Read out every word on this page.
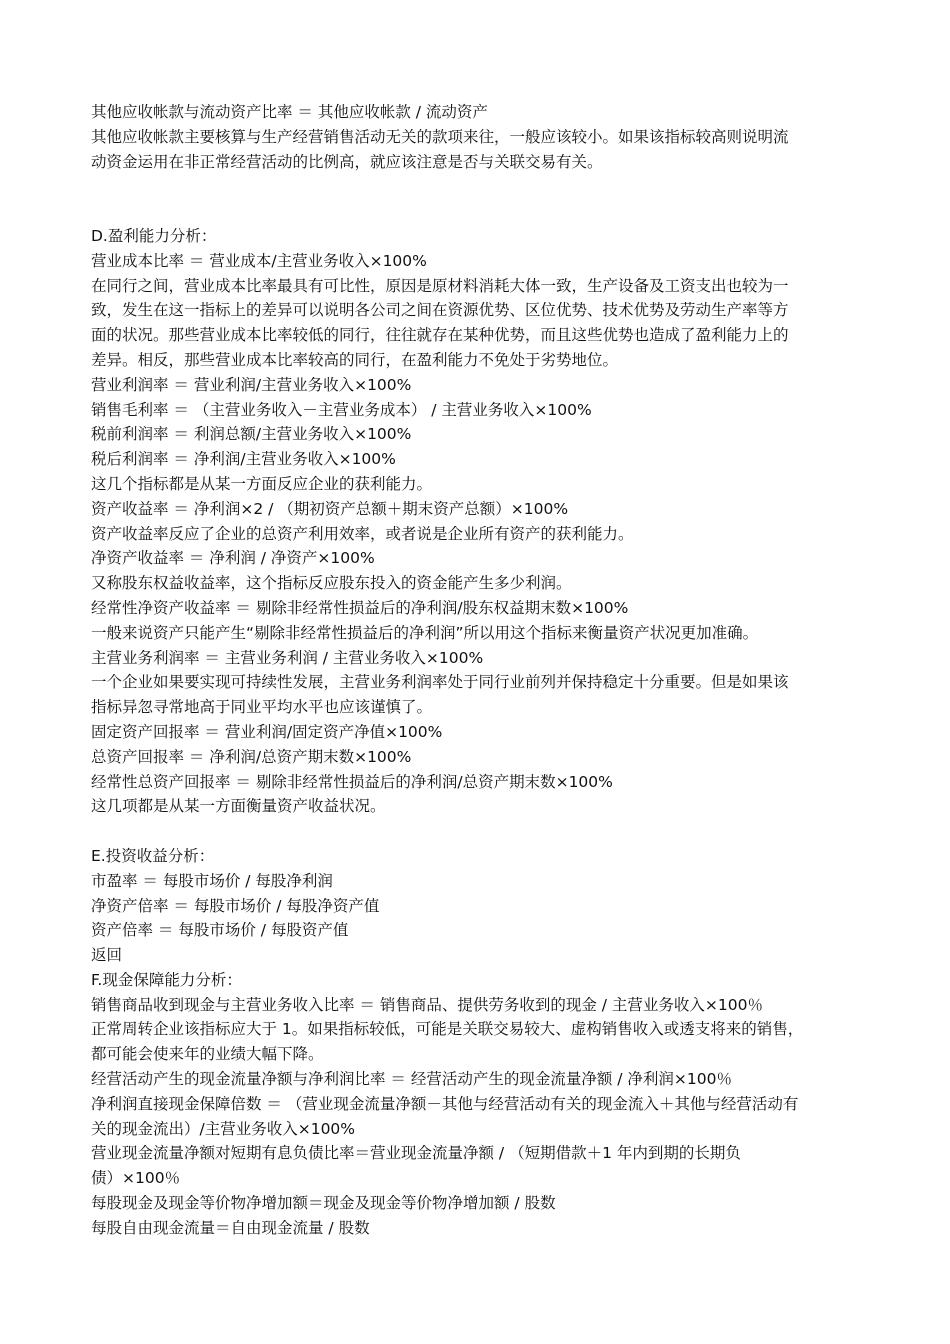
其他应收帐款与流动资产比率 ＝ 其他应收帐款 / 流动资产
其他应收帐款主要核算与生产经营销售活动无关的款项来往，一般应该较小。如果该指标较高则说明流
动资金运用在非正常经营活动的比例高，就应该注意是否与关联交易有关。
D.盈利能力分析：
营业成本比率 ＝ 营业成本/主营业务收入×100%
在同行之间，营业成本比率最具有可比性，原因是原材料消耗大体一致，生产设备及工资支出也较为一
致，发生在这一指标上的差异可以说明各公司之间在资源优势、区位优势、技术优势及劳动生产率等方
面的状况。那些营业成本比率较低的同行，往往就存在某种优势，而且这些优势也造成了盈利能力上的
差异。相反，那些营业成本比率较高的同行，在盈利能力不免处于劣势地位。
营业利润率 ＝ 营业利润/主营业务收入×100%
销售毛利率 ＝ （主营业务收入－主营业务成本） / 主营业务收入×100%
税前利润率 ＝ 利润总额/主营业务收入×100%
税后利润率 ＝ 净利润/主营业务收入×100%
这几个指标都是从某一方面反应企业的获利能力。
资产收益率 ＝ 净利润×2 / （期初资产总额＋期末资产总额）×100%
资产收益率反应了企业的总资产利用效率，或者说是企业所有资产的获利能力。
净资产收益率 ＝ 净利润 / 净资产×100%
又称股东权益收益率，这个指标反应股东投入的资金能产生多少利润。
经常性净资产收益率 ＝ 剔除非经常性损益后的净利润/股东权益期末数×100%
一般来说资产只能产生“剔除非经常性损益后的净利润”所以用这个指标来衡量资产状况更加准确。
主营业务利润率 ＝ 主营业务利润 / 主营业务收入×100%
一个企业如果要实现可持续性发展，主营业务利润率处于同行业前列并保持稳定十分重要。但是如果该
指标异忽寻常地高于同业平均水平也应该谨慎了。
固定资产回报率 ＝ 营业利润/固定资产净值×100%
总资产回报率 ＝ 净利润/总资产期末数×100%
经常性总资产回报率 ＝ 剔除非经常性损益后的净利润/总资产期末数×100%
这几项都是从某一方面衡量资产收益状况。
E.投资收益分析：
市盈率 ＝ 每股市场价 / 每股净利润
净资产倍率 ＝ 每股市场价 / 每股净资产值
资产倍率 ＝ 每股市场价 / 每股资产值
返回
F.现金保障能力分析：
销售商品收到现金与主营业务收入比率 ＝ 销售商品、提供劳务收到的现金 / 主营业务收入×100％
正常周转企业该指标应大于 1。如果指标较低，可能是关联交易较大、虚构销售收入或透支将来的销售，
都可能会使来年的业绩大幅下降。
经营活动产生的现金流量净额与净利润比率 ＝ 经营活动产生的现金流量净额 / 净利润×100％
净利润直接现金保障倍数 ＝ （营业现金流量净额－其他与经营活动有关的现金流入＋其他与经营活动有
关的现金流出）/主营业务收入×100%
营业现金流量净额对短期有息负债比率＝营业现金流量净额 / （短期借款＋1 年内到期的长期负
债）×100％
每股现金及现金等价物净增加额＝现金及现金等价物净增加额 / 股数
每股自由现金流量＝自由现金流量 / 股数
